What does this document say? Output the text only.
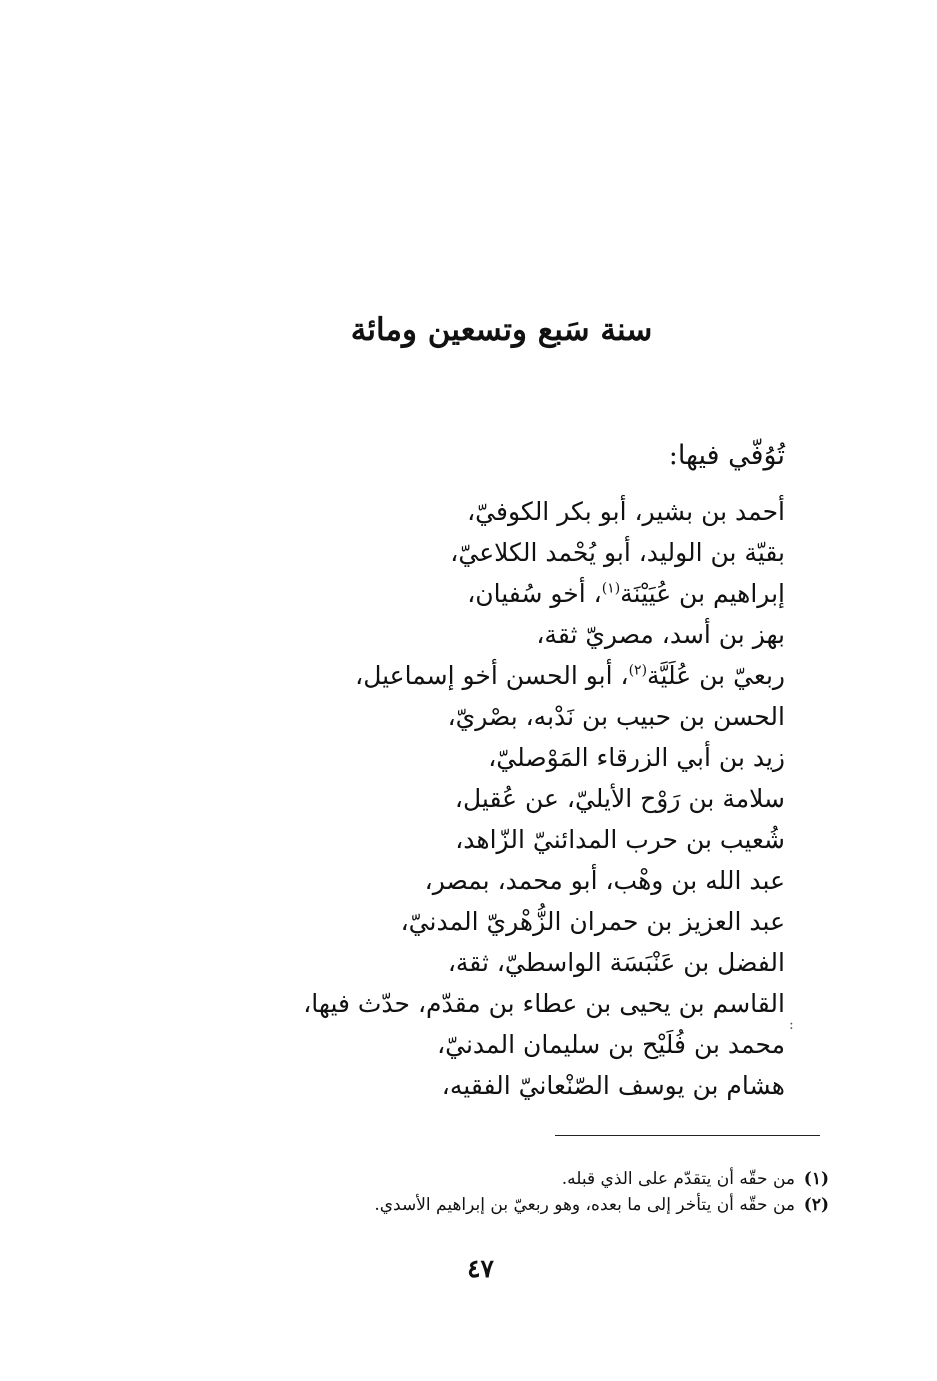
سنة سَبع وتسعين ومائة
تُوُفّي فيها:
أحمد بن بشير، أبو بكر الكوفيّ،
بقيّة بن الوليد، أبو يُحْمد الكلاعيّ،
إبراهيم بن عُيَيْنَة$^{(١)}$، أخو سُفيان،
بهز بن أسد، مصريّ ثقة،
ربعيّ بن عُلَيَّة$^{(٢)}$، أبو الحسن أخو إسماعيل،
الحسن بن حبيب بن نَدْبه، بصْريّ،
زيد بن أبي الزرقاء المَوْصليّ،
سلامة بن رَوْح الأيليّ، عن عُقيل،
شُعيب بن حرب المدائنيّ الزّاهد،
عبد الله بن وهْب، أبو محمد، بمصر،
عبد العزيز بن حمران الزُّهْريّ المدنيّ،
الفضل بن عَنْبَسَة الواسطيّ، ثقة،
القاسم بن يحيى بن عطاء بن مقدّم، حدّث فيها،
محمد بن فُلَيْح بن سليمان المدنيّ،
هشام بن يوسف الصّنْعانيّ الفقيه،
:
(١)من حقّه أن يتقدّم على الذي قبله.
(٢)من حقّه أن يتأخر إلى ما بعده، وهو ربعيّ بن إبراهيم الأسدي.
٤٧
